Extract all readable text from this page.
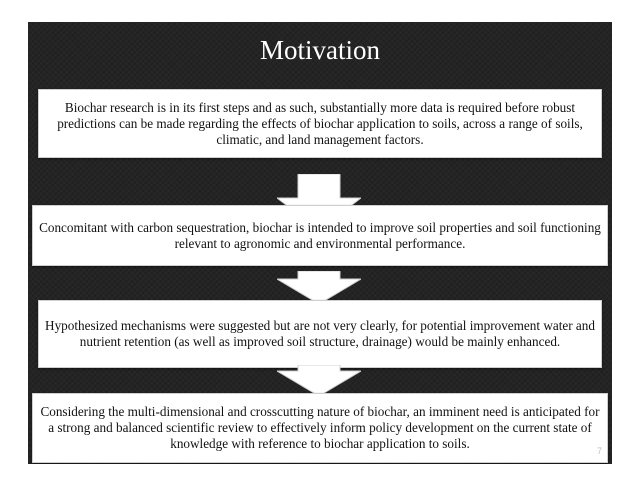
Motivation
Biochar research is in its first steps and as such, substantially more data is required before robust predictions can be made regarding the effects of biochar application to soils, across a range of soils, climatic, and land management factors.
Concomitant with carbon sequestration, biochar is intended to improve soil properties and soil functioning relevant to agronomic and environmental performance.
Hypothesized mechanisms were suggested but are not very clearly, for potential improvement water and nutrient retention (as well as improved soil structure, drainage) would be mainly enhanced.
Considering the multi-dimensional and crosscutting nature of biochar, an imminent need is anticipated for a strong and balanced scientific review to effectively inform policy development on the current state of knowledge with reference to biochar application to soils.	7
